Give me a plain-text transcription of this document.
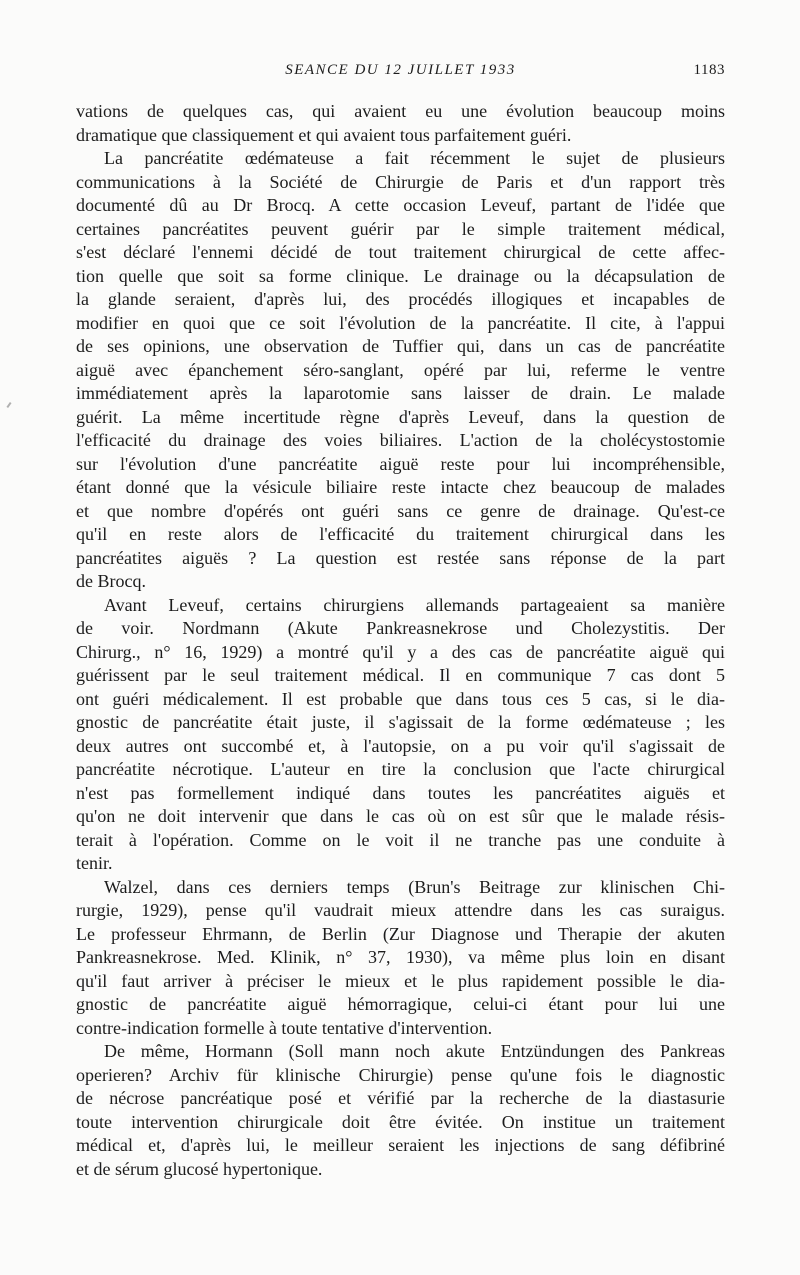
SEANCE DU 12 JUILLET 1933	1183
vations de quelques cas, qui avaient eu une évolution beaucoup moins
dramatique que classiquement et qui avaient tous parfaitement guéri.
La pancréatite œdémateuse a fait récemment le sujet de plusieurs
communications à la Société de Chirurgie de Paris et d'un rapport très
documenté dû au Dr Brocq. A cette occasion Leveuf, partant de l'idée que
certaines pancréatites peuvent guérir par le simple traitement médical,
s'est déclaré l'ennemi décidé de tout traitement chirurgical de cette affec-
tion quelle que soit sa forme clinique. Le drainage ou la décapsulation de
la glande seraient, d'après lui, des procédés illogiques et incapables de
modifier en quoi que ce soit l'évolution de la pancréatite. Il cite, à l'appui
de ses opinions, une observation de Tuffier qui, dans un cas de pancréatite
aiguë avec épanchement séro-sanglant, opéré par lui, referme le ventre
immédiatement après la laparotomie sans laisser de drain. Le malade
guérit. La même incertitude règne d'après Leveuf, dans la question de
l'efficacité du drainage des voies biliaires. L'action de la cholécystostomie
sur l'évolution d'une pancréatite aiguë reste pour lui incompréhensible,
étant donné que la vésicule biliaire reste intacte chez beaucoup de malades
et que nombre d'opérés ont guéri sans ce genre de drainage. Qu'est-ce
qu'il en reste alors de l'efficacité du traitement chirurgical dans les
pancréatites aiguës ? La question est restée sans réponse de la part
de Brocq.
Avant Leveuf, certains chirurgiens allemands partageaient sa manière
de voir. Nordmann (Akute Pankreasnekrose und Cholezystitis. Der
Chirurg., n° 16, 1929) a montré qu'il y a des cas de pancréatite aiguë qui
guérissent par le seul traitement médical. Il en communique 7 cas dont 5
ont guéri médicalement. Il est probable que dans tous ces 5 cas, si le dia-
gnostic de pancréatite était juste, il s'agissait de la forme œdémateuse ; les
deux autres ont succombé et, à l'autopsie, on a pu voir qu'il s'agissait de
pancréatite nécrotique. L'auteur en tire la conclusion que l'acte chirurgical
n'est pas formellement indiqué dans toutes les pancréatites aiguës et
qu'on ne doit intervenir que dans le cas où on est sûr que le malade résis-
terait à l'opération. Comme on le voit il ne tranche pas une conduite à
tenir.
Walzel, dans ces derniers temps (Brun's Beitrage zur klinischen Chi-
rurgie, 1929), pense qu'il vaudrait mieux attendre dans les cas suraigus.
Le professeur Ehrmann, de Berlin (Zur Diagnose und Therapie der akuten
Pankreasnekrose. Med. Klinik, n° 37, 1930), va même plus loin en disant
qu'il faut arriver à préciser le mieux et le plus rapidement possible le dia-
gnostic de pancréatite aiguë hémorragique, celui-ci étant pour lui une
contre-indication formelle à toute tentative d'intervention.
De même, Hormann (Soll mann noch akute Entzündungen des Pankreas
operieren? Archiv für klinische Chirurgie) pense qu'une fois le diagnostic
de nécrose pancréatique posé et vérifié par la recherche de la diastasurie
toute intervention chirurgicale doit être évitée. On institue un traitement
médical et, d'après lui, le meilleur seraient les injections de sang défibriné
et de sérum glucosé hypertonique.
